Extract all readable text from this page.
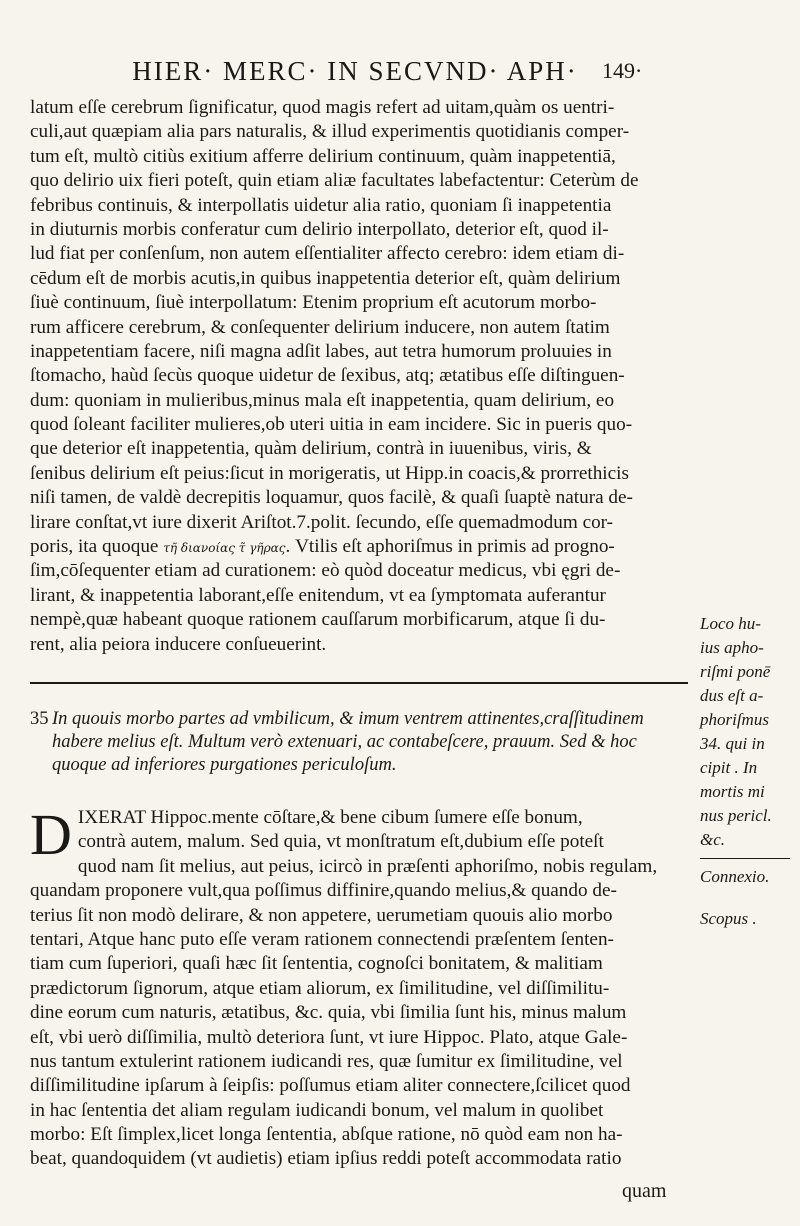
HIER· MERC· IN SECVND· APH·	149·
latum eſſe cerebrum ſignificatur, quod magis refert ad uitam,quàm os uentri-
culi,aut quæpiam alia pars naturalis, & illud experimentis quotidianis comper-
tum eſt, multò citiùs exitium afferre delirium continuum, quàm inappetentiā,
quo delirio uix fieri poteſt, quin etiam aliæ facultates labefactentur: Ceterùm de
febribus continuis, & interpollatis uidetur alia ratio, quoniam ſi inappetentia
in diuturnis morbis conferatur cum delirio interpollato, deterior eſt, quod il-
lud fiat per conſenſum, non autem eſſentialiter affecto cerebro: idem etiam di-
cēdum eſt de morbis acutis,in quibus inappetentia deterior eſt, quàm delirium
ſiuè continuum, ſiuè interpollatum: Etenim proprium eſt acutorum morbo-
rum afficere cerebrum, & conſequenter delirium inducere, non autem ſtatim
inappetentiam facere, niſi magna adſit labes, aut tetra humorum proluuies in
ſtomacho, haùd ſecùs quoque uidetur de ſexibus, atq; ætatibus eſſe diſtinguen-
dum: quoniam in mulieribus,minus mala eſt inappetentia, quam delirium, eo
quod ſoleant faciliter mulieres,ob uteri uitia in eam incidere. Sic in pueris quo-
que deterior eſt inappetentia, quàm delirium, contrà in iuuenibus, viris, &
ſenibus delirium eſt peius:ſicut in morigeratis, ut Hipp.in coacis,& prorrethicis
niſi tamen, de valdè decrepitis loquamur, quos facilè, & quaſi ſuaptè natura de-
lirare conſtat,vt iure dixerit Ariſtot.7.polit. ſecundo, eſſe quemadmodum cor-
poris, ita quoque τῆ διανοίας τ̃ γῆρας. Vtilis eſt aphoriſmus in primis ad progno-
ſim,cōſequenter etiam ad curationem: eò quòd doceatur medicus, vbi ęgri de-
lirant, & inappetentia laborant,eſſe enitendum, vt ea ſymptomata auferantur
nempè,quæ habeant quoque rationem cauſſarum morbificarum, atque ſi du-
rent, alia peiora inducere conſueuerint.
35 In quouis morbo partes ad vmbilicum, & imum ventrem attinentes,craſſitudinem
habere melius eſt. Multum verò extenuari, ac contabeſcere, prauum. Sed & hoc
quoque ad inferiores purgationes periculoſum.
D IXERAT Hippoc.mente cōſtare,& bene cibum ſumere eſſe bonum,
contrà autem, malum. Sed quia, vt monſtratum eſt,dubium eſſe poteſt
quod nam ſit melius, aut peius, icircò in præſenti aphoriſmo, nobis regulam,
quandam proponere vult,qua poſſimus diffinire,quando melius,& quando de-
terius ſit non modò delirare, & non appetere, uerumetiam quouis alio morbo
tentari, Atque hanc puto eſſe veram rationem connectendi præſentem ſenten-
tiam cum ſuperiori, quaſi hæc ſit ſententia, cognoſci bonitatem, & malitiam
prædictorum ſignorum, atque etiam aliorum, ex ſimilitudine, vel diſſimilitu-
dine eorum cum naturis, ætatibus, &c. quia, vbi ſimilia ſunt his, minus malum
eſt, vbi uerò diſſimilia, multò deteriora ſunt, vt iure Hippoc. Plato, atque Gale-
nus tantum extulerint rationem iudicandi res, quæ ſumitur ex ſimilitudine, vel
diſſimilitudine ipſarum à ſeipſis: poſſumus etiam aliter connectere,ſcilicet quod
in hac ſententia det aliam regulam iudicandi bonum, vel malum in quolibet
morbo: Eſt ſimplex,licet longa ſententia, abſque ratione, nō quòd eam non ha-
beat, quandoquidem (vt audietis) etiam ipſius reddi poteſt accommodata ratio
quam
Loco hu-
ius apho-
riſmi ponē
dus eſt a-
phoriſmus
34. qui in
cipit . In
mortis mi
nus pericl.
&c.
Connexio.
Scopus .
